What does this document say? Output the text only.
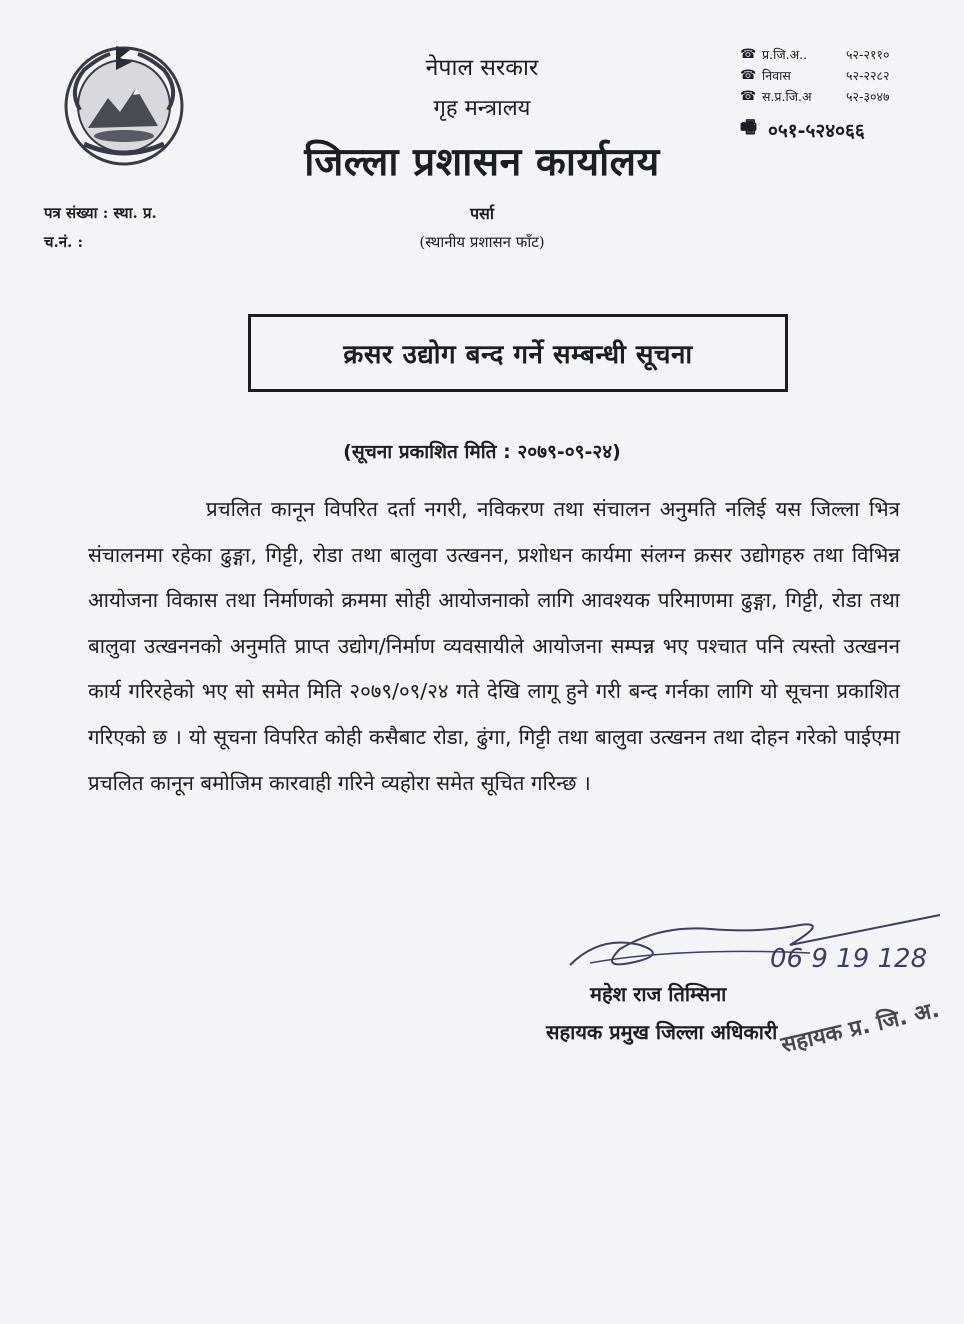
नेपाल सरकार
गृह मन्त्रालय
जिल्ला प्रशासन कार्यालय
☎ प्र.जि.अ..	५२-२११०
☎ निवास	५२-२२८२
☎ स.प्र.जि.अ	५२-३०४७
🖷 ०५१-५२४०६६
पत्र संख्या : स्था. प्र.
च.नं. :
पर्सा
(स्थानीय प्रशासन फाँट)
क्रसर उद्योग बन्द गर्ने सम्बन्धी सूचना
(सूचना प्रकाशित मिति : २०७९-०९-२४)
प्रचलित कानून विपरित दर्ता नगरी, नविकरण तथा संचालन अनुमति नलिई यस जिल्ला भित्र संचालनमा रहेका ढुङ्गा, गिट्टी, रोडा तथा बालुवा उत्खनन, प्रशोधन कार्यमा संलग्न क्रसर उद्योगहरु तथा विभिन्न आयोजना विकास तथा निर्माणको क्रममा सोही आयोजनाको लागि आवश्यक परिमाणमा ढुङ्गा, गिट्टी, रोडा तथा बालुवा उत्खननको अनुमति प्राप्त उद्योग/निर्माण व्यवसायीले आयोजना सम्पन्न भए पश्चात पनि त्यस्तो उत्खनन कार्य गरिरहेको भए सो समेत मिति २०७९/०९/२४ गते देखि लागू हुने गरी बन्द गर्नका लागि यो सूचना प्रकाशित गरिएको छ । यो सूचना विपरित कोही कसैबाट रोडा, ढुंगा, गिट्टी तथा बालुवा उत्खनन तथा दोहन गरेको पाईएमा प्रचलित कानून बमोजिम कारवाही गरिने व्यहोरा समेत सूचित गरिन्छ ।
06 9 19 128
महेश राज तिम्सिना
सहायक प्रमुख जिल्ला अधिकारी सहायक प्र. जि. अ.
